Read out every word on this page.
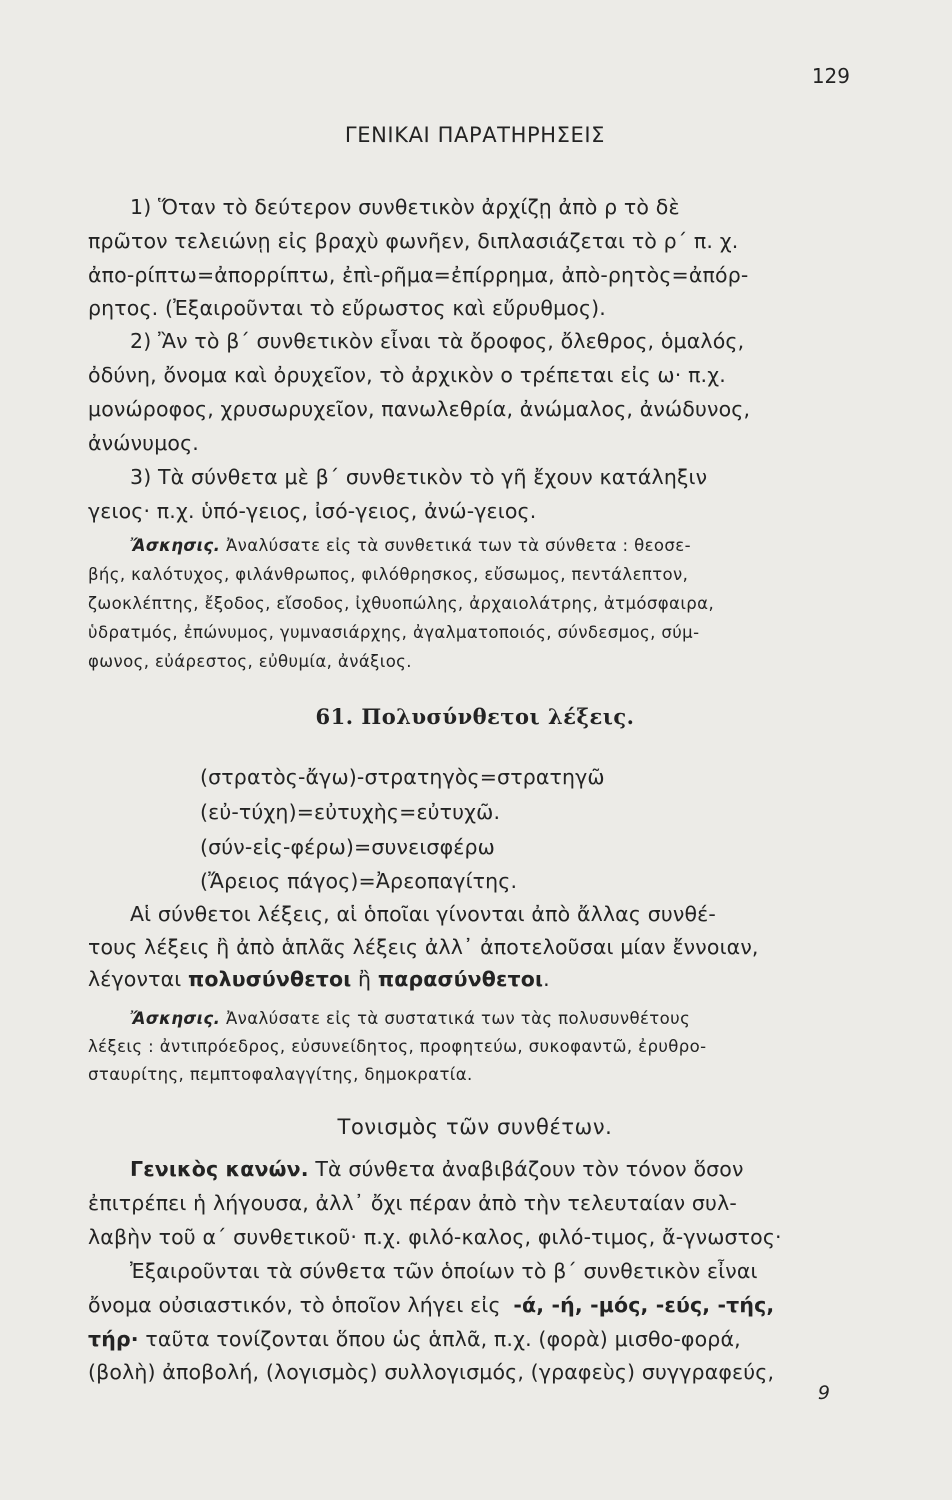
129
ΓΕΝΙΚΑΙ ΠΑΡΑΤΗΡΗΣΕΙΣ
1) Ὅταν τὸ δεύτερον συνθετικὸν ἀρχίζῃ ἀπὸ ρ τὸ δὲ
πρῶτον τελειώνῃ εἰς βραχὺ φωνῆεν, διπλασιάζεται τὸ ρ΄ π. χ.
ἀπο-ρίπτω=ἀπορρίπτω, ἐπὶ-ρῆμα=ἐπίρρημα, ἀπὸ-ρητὸς=ἀπόρ-
ρητος. (Ἐξαιροῦνται τὸ εὔρωστος καὶ εὔρυθμος).
2) Ἂν τὸ β΄ συνθετικὸν εἶναι τὰ ὄροφος, ὄλεθρος, ὁμαλός,
ὀδύνη, ὄνομα καὶ ὀρυχεῖον, τὸ ἀρχικὸν ο τρέπεται εἰς ω· π.χ.
μονώροφος, χρυσωρυχεῖον, πανωλεθρία, ἀνώμαλος, ἀνώδυνος,
ἀνώνυμος.
3) Τὰ σύνθετα μὲ β΄ συνθετικὸν τὸ γῆ ἔχουν κατάληξιν
γειος· π.χ. ὑπό-γειος, ἰσό-γειος, ἀνώ-γειος.
Ἄσκησις. Ἀναλύσατε εἰς τὰ συνθετικά των τὰ σύνθετα : θεοσε-
βής, καλότυχος, φιλάνθρωπος, φιλόθρησκος, εὔσωμος, πεντάλεπτον,
ζωοκλέπτης, ἔξοδος, εἴσοδος, ἰχθυοπώλης, ἀρχαιολάτρης, ἀτμόσφαιρα,
ὑδρατμός, ἐπώνυμος, γυμνασιάρχης, ἀγαλματοποιός, σύνδεσμος, σύμ-
φωνος, εὐάρεστος, εὐθυμία, ἀνάξιος.
61. Πολυσύνθετοι λέξεις.
(στρατὸς-ἄγω)-στρατηγὸς=στρατηγῶ
(εὐ-τύχη)=εὐτυχὴς=εὐτυχῶ.
(σύν-εἰς-φέρω)=συνεισφέρω
(Ἄρειος πάγος)=Ἀρεοπαγίτης.
Αἱ σύνθετοι λέξεις, αἱ ὁποῖαι γίνονται ἀπὸ ἄλλας συνθέ-
τους λέξεις ἢ ἀπὸ ἁπλᾶς λέξεις ἀλλ᾽ ἀποτελοῦσαι μίαν ἔννοιαν,
λέγονται πολυσύνθετοι ἢ παρασύνθετοι.
Ἄσκησις. Ἀναλύσατε εἰς τὰ συστατικά των τὰς πολυσυνθέτους
λέξεις : ἀντιπρόεδρος, εὐσυνείδητος, προφητεύω, συκοφαντῶ, ἐρυθρο-
σταυρίτης, πεμπτοφαλαγγίτης, δημοκρατία.
Τονισμὸς τῶν συνθέτων.
Γενικὸς κανών. Τὰ σύνθετα ἀναβιβάζουν τὸν τόνον ὅσον
ἐπιτρέπει ἡ λήγουσα, ἀλλ᾽ ὄχι πέραν ἀπὸ τὴν τελευταίαν συλ-
λαβὴν τοῦ α΄ συνθετικοῦ· π.χ. φιλό-καλος, φιλό-τιμος, ἄ-γνωστος·
Ἐξαιροῦνται τὰ σύνθετα τῶν ὁποίων τὸ β΄ συνθετικὸν εἶναι
ὄνομα οὐσιαστικόν, τὸ ὁποῖον λήγει εἰς -ά, -ή, -μός, -εύς, -τής,
τήρ· ταῦτα τονίζονται ὅπου ὡς ἁπλᾶ, π.χ. (φορὰ) μισθο-φορά,
(βολὴ) ἀποβολή, (λογισμὸς) συλλογισμός, (γραφεὺς) συγγραφεύς,
9
